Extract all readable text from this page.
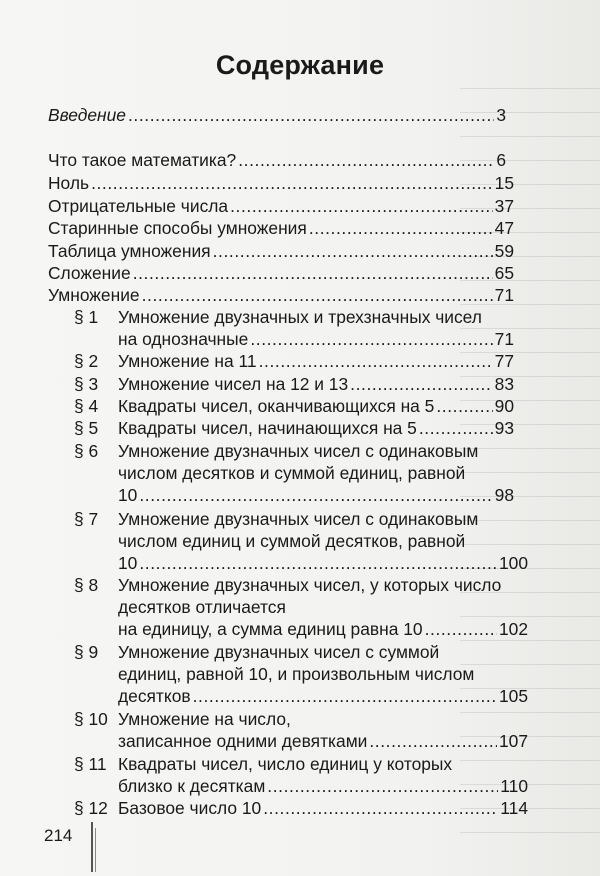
Содержание
Введение .....	3
Что такое математика? .....	6
Ноль .....	15
Отрицательные числа .....	37
Старинные способы умножения .....	47
Таблица умножения .....	59
Сложение .....	65
Умножение .....	71
§ 1 Умножение двузначных и трехзначных чисел
на однозначные .....	71
§ 2 Умножение на 11 .....	77
§ 3 Умножение чисел на 12 и 13 .....	83
§ 4 Квадраты чисел, оканчивающихся на 5 .....	90
§ 5 Квадраты чисел, начинающихся на 5 .....	93
§ 6 Умножение двузначных чисел с одинаковым
числом десятков и суммой единиц, равной
10 .....	98
§ 7 Умножение двузначных чисел с одинаковым
числом единиц и суммой десятков, равной
10 .....	100
§ 8 Умножение двузначных чисел, у которых число
десятков отличается
на единицу, а сумма единиц равна 10 .....	102
§ 9 Умножение двузначных чисел с суммой
единиц, равной 10, и произвольным числом
десятков .....	105
§ 10 Умножение на число,
записанное одними девятками .....	107
§ 11 Квадраты чисел, число единиц у которых
близко к десяткам .....	110
§ 12 Базовое число 10 .....	114
214
